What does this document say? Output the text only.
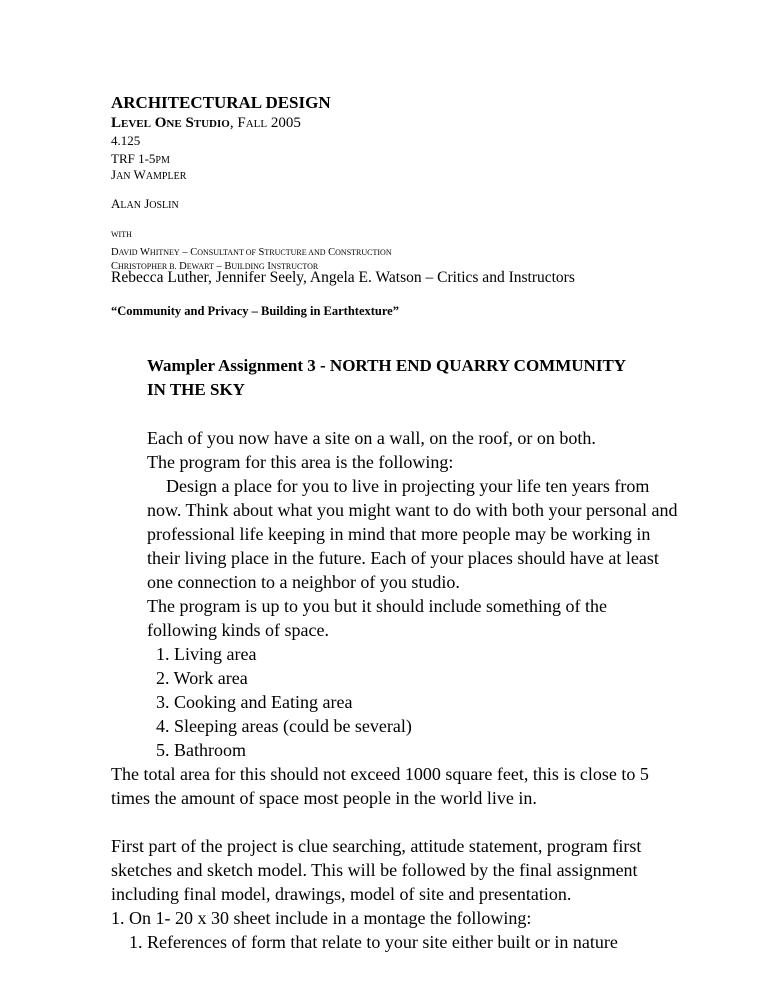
ARCHITECTURAL DESIGN
LEVEL ONE STUDIO, FALL 2005
4.125
TRF 1-5PM
JAN WAMPLER
ALAN JOSLIN
WITH
DAVID WHITNEY – CONSULTANT OF STRUCTURE AND CONSTRUCTION
CHRISTOPHER B. DEWART – BUILDING INSTRUCTOR
Rebecca Luther, Jennifer Seely, Angela E. Watson – Critics and Instructors
“Community and Privacy – Building in Earthtexture”
Wampler Assignment 3 - NORTH END QUARRY COMMUNITY
IN THE SKY
Each of you now have a site on a wall, on the roof, or on both.
The program for this area is the following:
Design a place for you to live in projecting your life ten years from
now. Think about what you might want to do with both your personal and
professional life keeping in mind that more people may be working in
their living place in the future. Each of your places should have at least
one connection to a neighbor of you studio.
The program is up to you but it should include something of the
following kinds of space.
1. Living area
2. Work area
3. Cooking and Eating area
4. Sleeping areas (could be several)
5. Bathroom
The total area for this should not exceed 1000 square feet, this is close to 5
times the amount of space most people in the world live in.
First part of the project is clue searching, attitude statement, program first
sketches and sketch model. This will be followed by the final assignment
including final model, drawings, model of site and presentation.
1. On 1- 20 x 30 sheet include in a montage the following:
1. References of form that relate to your site either built or in nature
